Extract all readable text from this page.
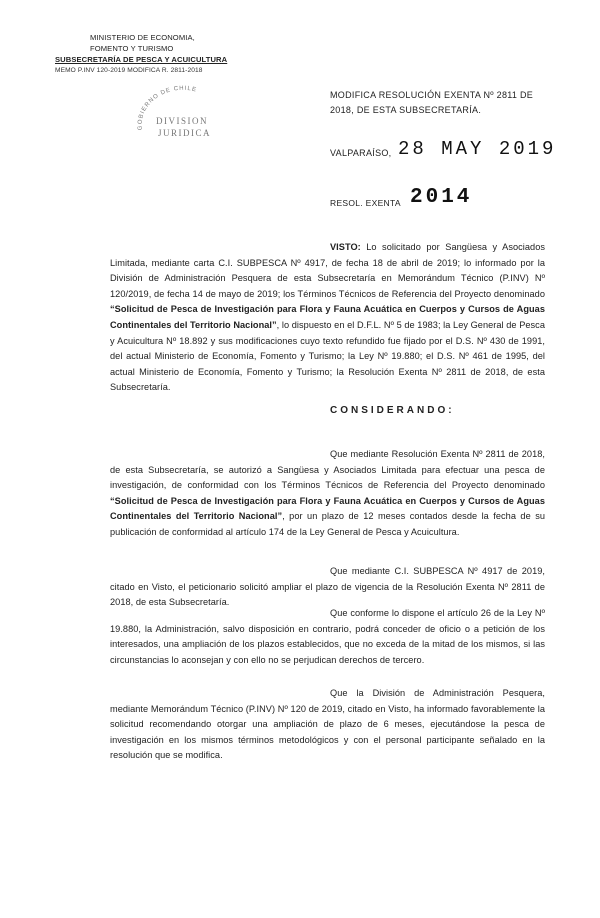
MINISTERIO DE ECONOMIA,
FOMENTO Y TURISMO
SUBSECRETARÍA DE PESCA Y ACUICULTURA
MEMO P.INV 120-2019 MODIFICA R. 2811-2018
GOBIERNO DE CHILE
DIVISION
JURIDICA
MODIFICA RESOLUCIÓN EXENTA Nº 2811 DE 2018, DE ESTA SUBSECRETARÍA.
VALPARAÍSO, 28 MAY 2019
RESOL. EXENTA 2014
VISTO: Lo solicitado por Sangüesa y Asociados Limitada, mediante carta C.I. SUBPESCA Nº 4917, de fecha 18 de abril de 2019; lo informado por la División de Administración Pesquera de esta Subsecretaría en Memorándum Técnico (P.INV) Nº 120/2019, de fecha 14 de mayo de 2019; los Términos Técnicos de Referencia del Proyecto denominado “Solicitud de Pesca de Investigación para Flora y Fauna Acuática en Cuerpos y Cursos de Aguas Continentales del Territorio Nacional”, lo dispuesto en el D.F.L. Nº 5 de 1983; la Ley General de Pesca y Acuicultura Nº 18.892 y sus modificaciones cuyo texto refundido fue fijado por el D.S. Nº 430 de 1991, del actual Ministerio de Economía, Fomento y Turismo; la Ley Nº 19.880; el D.S. Nº 461 de 1995, del actual Ministerio de Economía, Fomento y Turismo; la Resolución Exenta Nº 2811 de 2018, de esta Subsecretaría.
CONSIDERANDO:
Que mediante Resolución Exenta Nº 2811 de 2018, de esta Subsecretaría, se autorizó a Sangüesa y Asociados Limitada para efectuar una pesca de investigación, de conformidad con los Términos Técnicos de Referencia del Proyecto denominado “Solicitud de Pesca de Investigación para Flora y Fauna Acuática en Cuerpos y Cursos de Aguas Continentales del Territorio Nacional”, por un plazo de 12 meses contados desde la fecha de su publicación de conformidad al artículo 174 de la Ley General de Pesca y Acuicultura.
Que mediante C.I. SUBPESCA Nº 4917 de 2019, citado en Visto, el peticionario solicitó ampliar el plazo de vigencia de la Resolución Exenta Nº 2811 de 2018, de esta Subsecretaría.
Que conforme lo dispone el artículo 26 de la Ley Nº 19.880, la Administración, salvo disposición en contrario, podrá conceder de oficio o a petición de los interesados, una ampliación de los plazos establecidos, que no exceda de la mitad de los mismos, si las circunstancias lo aconsejan y con ello no se perjudican derechos de tercero.
Que la División de Administración Pesquera, mediante Memorándum Técnico (P.INV) Nº 120 de 2019, citado en Visto, ha informado favorablemente la solicitud recomendando otorgar una ampliación de plazo de 6 meses, ejecutándose la pesca de investigación en los mismos términos metodológicos y con el personal participante señalado en la resolución que se modifica.
